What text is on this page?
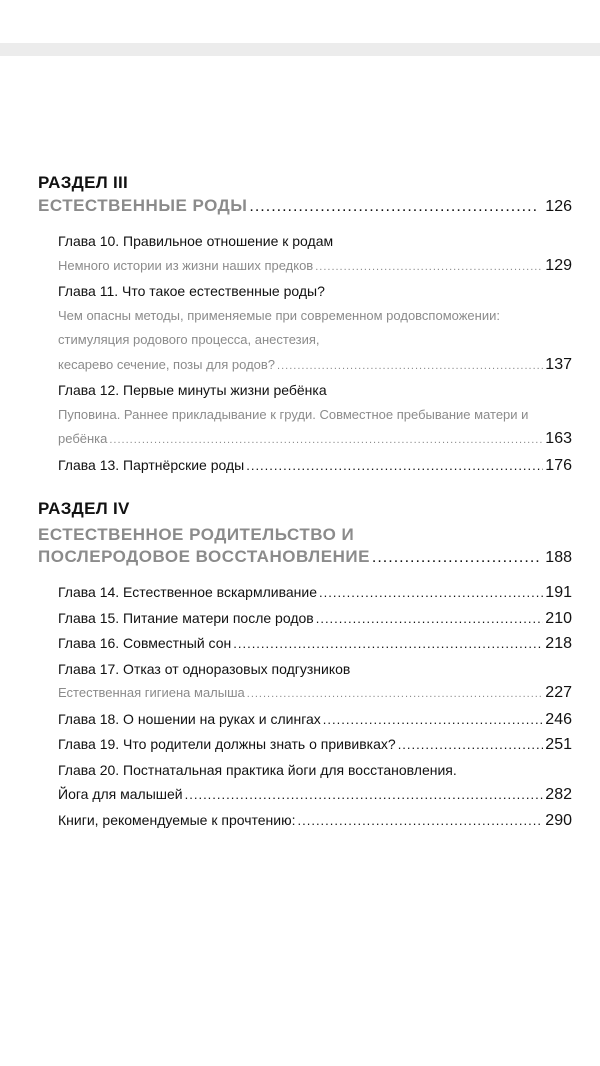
РАЗДЕЛ III
ЕСТЕСТВЕННЫЕ РОДЫ .....	126
Глава 10. Правильное отношение к родам
Немного истории из жизни наших предков .....	129
Глава 11. Что такое естественные роды?
Чем опасны методы, применяемые при современном родовспоможении:
стимуляция родового процесса, анестезия,
кесарево сечение, позы для родов? .....	137
Глава 12. Первые минуты жизни ребёнка
Пуповина. Раннее прикладывание к груди. Совместное пребывание матери и
ребёнка .....	163
Глава 13. Партнёрские роды .....	176
РАЗДЕЛ IV
ЕСТЕСТВЕННОЕ РОДИТЕЛЬСТВО И
ПОСЛЕРОДОВОЕ ВОССТАНОВЛЕНИЕ .....	188
Глава 14. Естественное вскармливание .....	191
Глава 15. Питание матери после родов .....	210
Глава 16. Совместный сон .....	218
Глава 17. Отказ от одноразовых подгузников
Естественная гигиена малыша .....	227
Глава 18. О ношении на руках и слингах .....	246
Глава 19. Что родители должны знать о прививках? .....	251
Глава 20. Постнатальная практика йоги для восстановления.
Йога для малышей .....	282
Книги, рекомендуемые к прочтению: .....	290
